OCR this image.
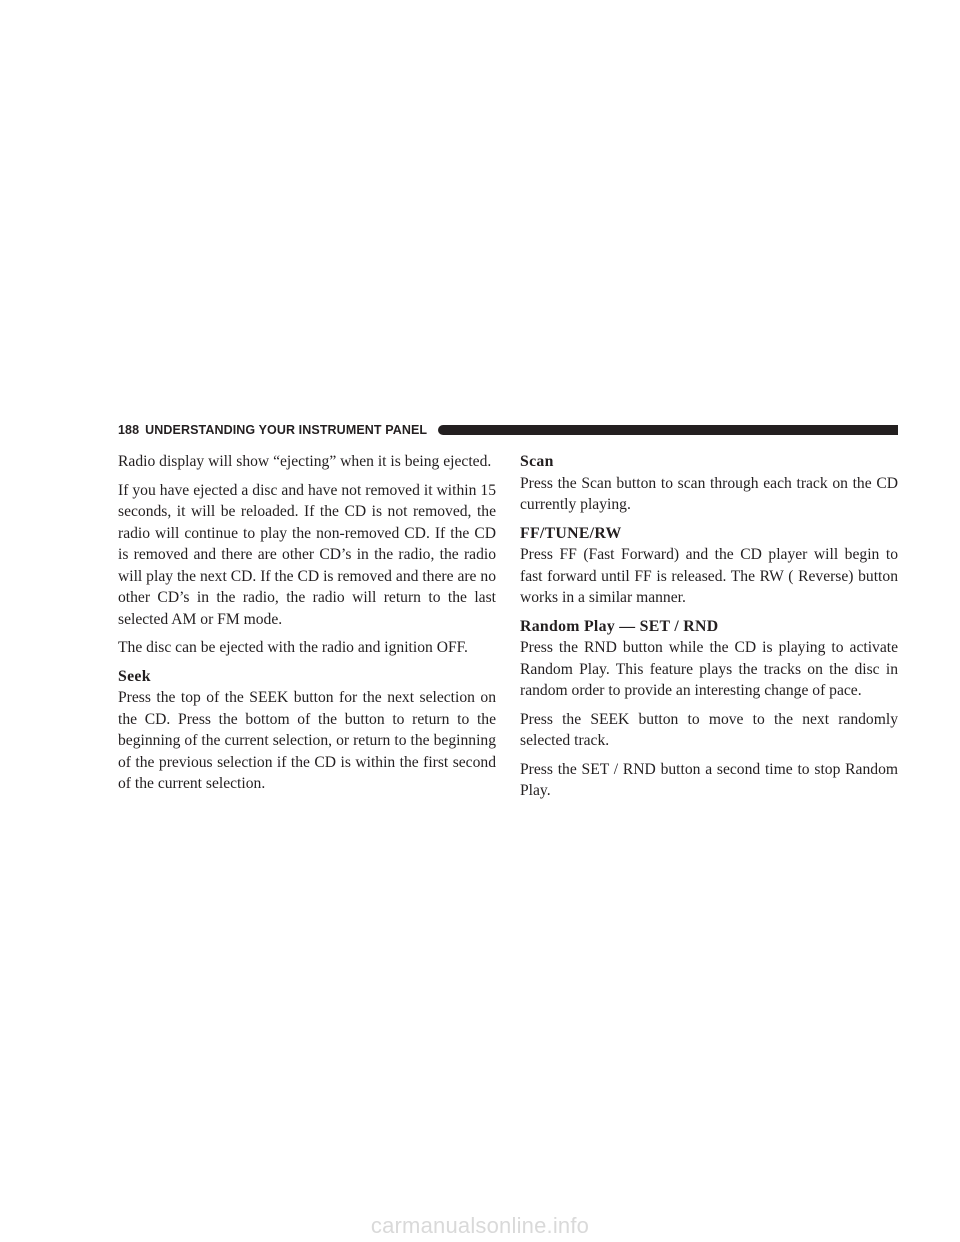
188 UNDERSTANDING YOUR INSTRUMENT PANEL

Radio display will show “ejecting” when it is being ejected.

If you have ejected a disc and have not removed it within 15 seconds, it will be reloaded. If the CD is not removed, the radio will continue to play the non-removed CD. If the CD is removed and there are other CD’s in the radio, the radio will play the next CD. If the CD is removed and there are no other CD’s in the radio, the radio will return to the last selected AM or FM mode.

The disc can be ejected with the radio and ignition OFF.

Seek

Press the top of the SEEK button for the next selection on the CD. Press the bottom of the button to return to the beginning of the current selection, or return to the beginning of the previous selection if the CD is within the first second of the current selection.

Scan

Press the Scan button to scan through each track on the CD currently playing.

FF/TUNE/RW

Press FF (Fast Forward) and the CD player will begin to fast forward until FF is released. The RW ( Reverse) button works in a similar manner.

Random Play — SET / RND

Press the RND button while the CD is playing to activate Random Play. This feature plays the tracks on the disc in random order to provide an interesting change of pace.

Press the SEEK button to move to the next randomly selected track.

Press the SET / RND button a second time to stop Random Play.

carmanualsonline.info
